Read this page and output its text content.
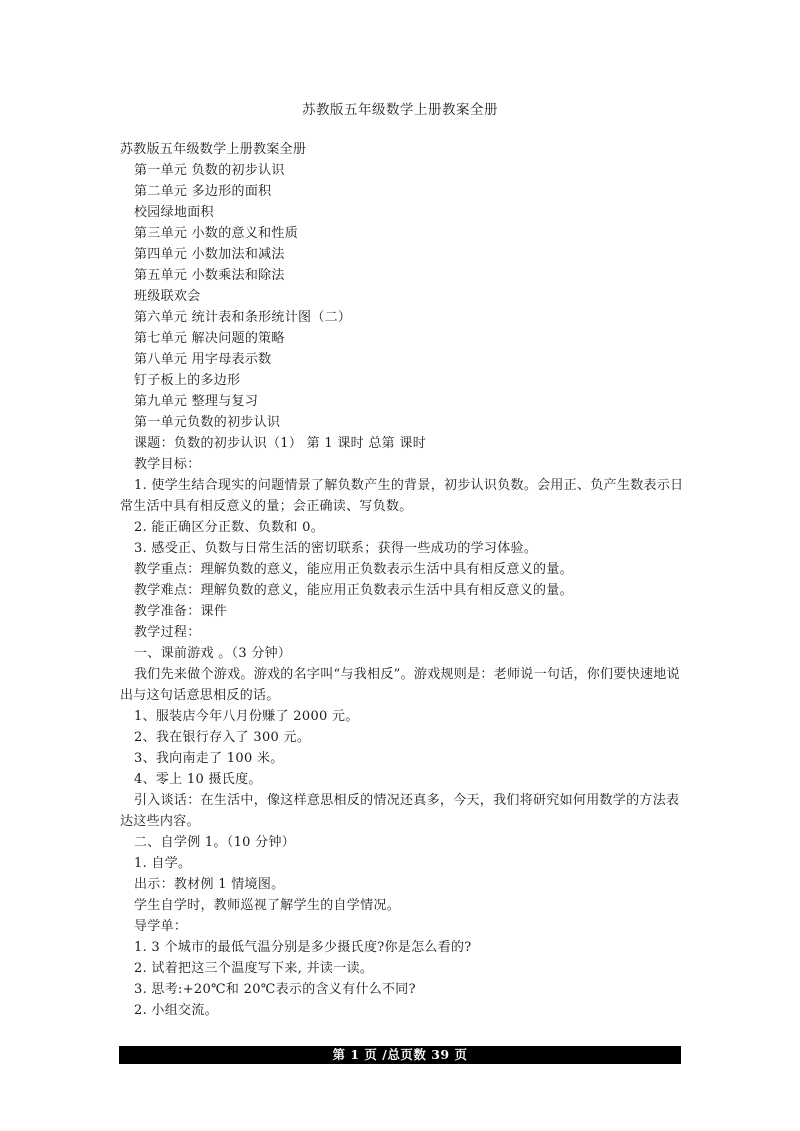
苏教版五年级数学上册教案全册
苏教版五年级数学上册教案全册
第一单元 负数的初步认识
第二单元 多边形的面积
校园绿地面积
第三单元 小数的意义和性质
第四单元 小数加法和减法
第五单元 小数乘法和除法
班级联欢会
第六单元 统计表和条形统计图（二）
第七单元 解决问题的策略
第八单元 用字母表示数
钉子板上的多边形
第九单元 整理与复习
第一单元负数的初步认识
课题：负数的初步认识（1） 第 1 课时 总第 课时
教学目标：
1. 使学生结合现实的问题情景了解负数产生的背景，初步认识负数。会用正、负产生数表示日常生活中具有相反意义的量；会正确读、写负数。
2. 能正确区分正数、负数和 0。
3. 感受正、负数与日常生活的密切联系；获得一些成功的学习体验。
教学重点：理解负数的意义，能应用正负数表示生活中具有相反意义的量。
教学难点：理解负数的意义，能应用正负数表示生活中具有相反意义的量。
教学准备：课件
教学过程：
一、课前游戏 。（3 分钟）
我们先来做个游戏。游戏的名字叫“与我相反”。游戏规则是：老师说一句话，你们要快速地说出与这句话意思相反的话。
1、服装店今年八月份赚了 2000 元。
2、我在银行存入了 300 元。
3、我向南走了 100 米。
4、零上 10 摄氏度。
引入谈话：在生活中，像这样意思相反的情况还真多，今天，我们将研究如何用数学的方法表达这些内容。
二、自学例 1。（10 分钟）
1. 自学。
出示：教材例 1 情境图。
学生自学时，教师巡视了解学生的自学情况。
导学单：
1. 3 个城市的最低气温分别是多少摄氏度?你是怎么看的?
2. 试着把这三个温度写下来, 并读一读。
3. 思考:+20℃和 20℃表示的含义有什么不同?
2. 小组交流。
第 1 页 /总页数 39 页
